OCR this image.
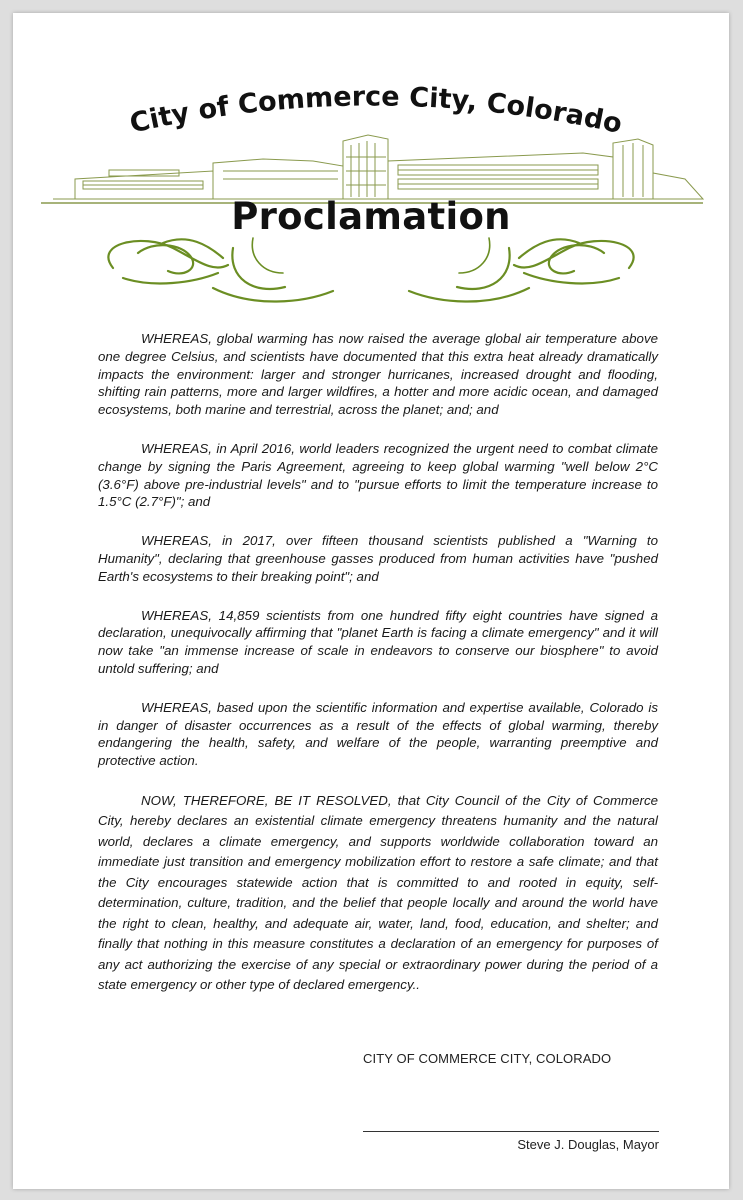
City of Commerce City, Colorado
Proclamation

WHEREAS, global warming has now raised the average global air temperature above one degree Celsius, and scientists have documented that this extra heat already dramatically impacts the environment: larger and stronger hurricanes, increased drought and flooding, shifting rain patterns, more and larger wildfires, a hotter and more acidic ocean, and damaged ecosystems, both marine and terrestrial, across the planet; and; and

WHEREAS, in April 2016, world leaders recognized the urgent need to combat climate change by signing the Paris Agreement, agreeing to keep global warming "well below 2°C (3.6°F) above pre-industrial levels" and to "pursue efforts to limit the temperature increase to 1.5°C (2.7°F)"; and

WHEREAS, in 2017, over fifteen thousand scientists published a "Warning to Humanity", declaring that greenhouse gasses produced from human activities have "pushed Earth's ecosystems to their breaking point"; and

WHEREAS, 14,859 scientists from one hundred fifty eight countries have signed a declaration, unequivocally affirming that "planet Earth is facing a climate emergency" and it will now take "an immense increase of scale in endeavors to conserve our biosphere" to avoid untold suffering; and

WHEREAS, based upon the scientific information and expertise available, Colorado is in danger of disaster occurrences as a result of the effects of global warming, thereby endangering the health, safety, and welfare of the people, warranting preemptive and protective action.

NOW, THEREFORE, BE IT RESOLVED, that City Council of the City of Commerce City, hereby declares an existential climate emergency threatens humanity and the natural world, declares a climate emergency, and supports worldwide collaboration toward an immediate just transition and emergency mobilization effort to restore a safe climate; and that the City encourages statewide action that is committed to and rooted in equity, self-determination, culture, tradition, and the belief that people locally and around the world have the right to clean, healthy, and adequate air, water, land, food, education, and shelter; and finally that nothing in this measure constitutes a declaration of an emergency for purposes of any act authorizing the exercise of any special or extraordinary power during the period of a state emergency or other type of declared emergency..

CITY OF COMMERCE CITY, COLORADO
Steve J. Douglas, Mayor
